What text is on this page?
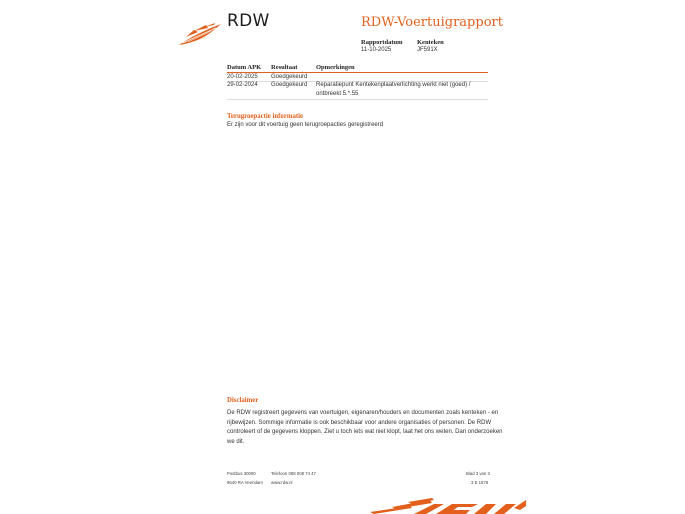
RDW	RDW-Voertuigrapport
Rapportdatum
11-10-2025
Kenteken
JF591X
Datum APK Resultaat	Opmerkingen
20-02-2025 Goedgekeurd
29-02-2024 Goedgekeurd Reparatiepunt Kentekenplaatverlichting werkt niet (goed) /
ontbreekt 5.*.55
Terugroepactie informatie
Er zijn voor dit voertuig geen terugroepacties geregistreerd
Disclaimer
De RDW registreert gegevens van voertuigen, eigenaren/houders en documenten zoals kenteken - en
rijbewijzen. Sommige informatie is ook beschikbaar voor andere organisaties of personen. De RDW
controleert of de gegevens kloppen. Ziet u toch iets wat niet klopt, laat het ons weten. Dan onderzoeken
we dit.
Postbus 30000
9640 RA Veendam
Telefoon 088 008 74 47
www.rdw.nl
Blad 3 van 3
3 E 1678
